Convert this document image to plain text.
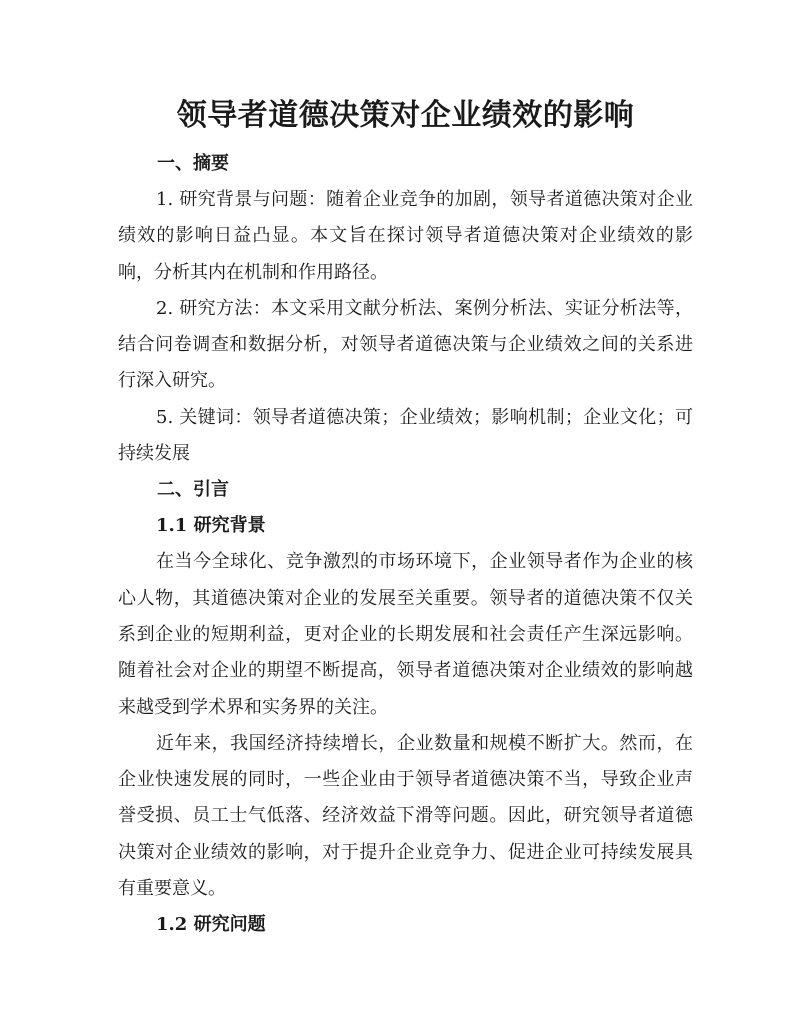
领导者道德决策对企业绩效的影响
一、摘要

1. 研究背景与问题：随着企业竞争的加剧，领导者道德决策对企业绩效的影响日益凸显。本文旨在探讨领导者道德决策对企业绩效的影响，分析其内在机制和作用路径。

2. 研究方法：本文采用文献分析法、案例分析法、实证分析法等，结合问卷调查和数据分析，对领导者道德决策与企业绩效之间的关系进行深入研究。

5. 关键词：领导者道德决策；企业绩效；影响机制；企业文化；可持续发展

二、引言
1.1 研究背景

在当今全球化、竞争激烈的市场环境下，企业领导者作为企业的核心人物，其道德决策对企业的发展至关重要。领导者的道德决策不仅关系到企业的短期利益，更对企业的长期发展和社会责任产生深远影响。随着社会对企业的期望不断提高，领导者道德决策对企业绩效的影响越来越受到学术界和实务界的关注。

近年来，我国经济持续增长，企业数量和规模不断扩大。然而，在企业快速发展的同时，一些企业由于领导者道德决策不当，导致企业声誉受损、员工士气低落、经济效益下滑等问题。因此，研究领导者道德决策对企业绩效的影响，对于提升企业竞争力、促进企业可持续发展具有重要意义。

1.2 研究问题
